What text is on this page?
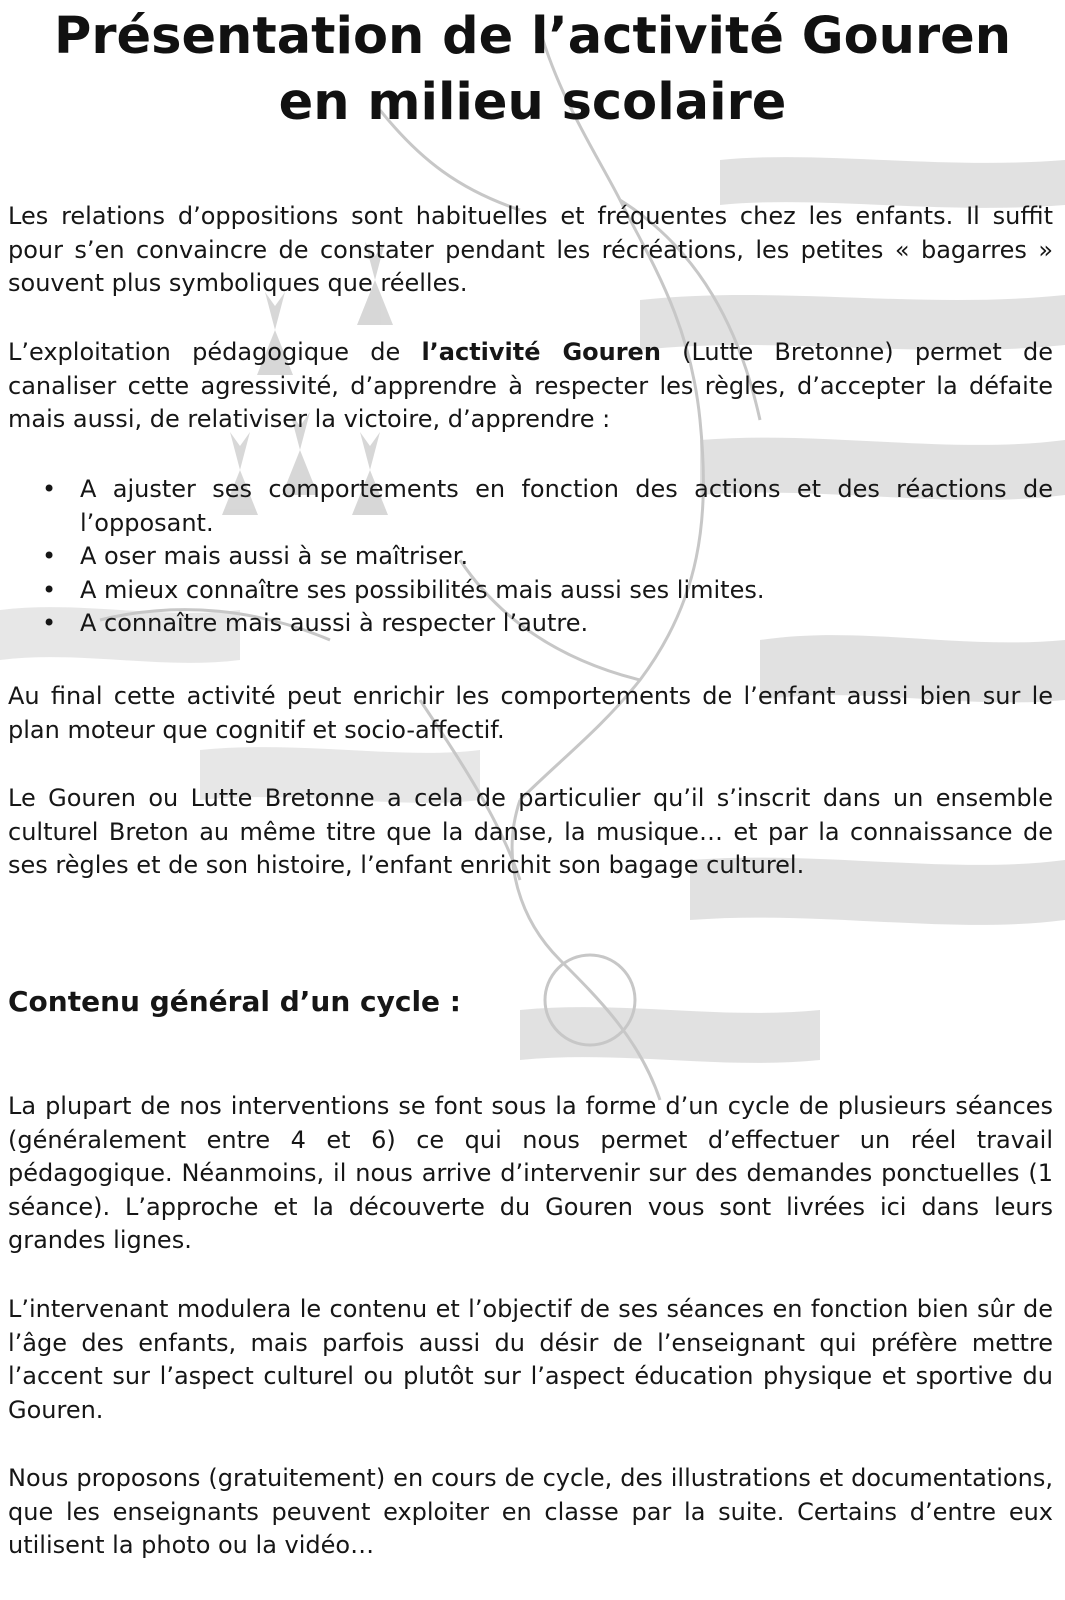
Présentation de l’activité Gouren
en milieu scolaire

Les relations d’oppositions sont habituelles et fréquentes chez les enfants. Il suffit pour s’en convaincre de constater pendant les récréations, les petites « bagarres » souvent plus symboliques que réelles.

L’exploitation pédagogique de l’activité Gouren (Lutte Bretonne) permet de canaliser cette agressivité, d’apprendre à respecter les règles, d’accepter la défaite mais aussi, de relativiser la victoire, d’apprendre :

• A ajuster ses comportements en fonction des actions et des réactions de l’opposant.
• A oser mais aussi à se maîtriser.
• A mieux connaître ses possibilités mais aussi ses limites.
• A connaître mais aussi à respecter l’autre.

Au final cette activité peut enrichir les comportements de l’enfant aussi bien sur le plan moteur que cognitif et socio-affectif.

Le Gouren ou Lutte Bretonne a cela de particulier qu’il s’inscrit dans un ensemble culturel Breton au même titre que la danse, la musique… et par la connaissance de ses règles et de son histoire, l’enfant enrichit son bagage culturel.

Contenu général d’un cycle :

La plupart de nos interventions se font sous la forme d’un cycle de plusieurs séances (généralement entre 4 et 6) ce qui nous permet d’effectuer un réel travail pédagogique. Néanmoins, il nous arrive d’intervenir sur des demandes ponctuelles (1 séance). L’approche et la découverte du Gouren vous sont livrées ici dans leurs grandes lignes.

L’intervenant modulera le contenu et l’objectif de ses séances en fonction bien sûr de l’âge des enfants, mais parfois aussi du désir de l’enseignant qui préfère mettre l’accent sur l’aspect culturel ou plutôt sur l’aspect éducation physique et sportive du Gouren.

Nous proposons (gratuitement) en cours de cycle, des illustrations et documentations, que les enseignants peuvent exploiter en classe par la suite. Certains d’entre eux utilisent la photo ou la vidéo…
